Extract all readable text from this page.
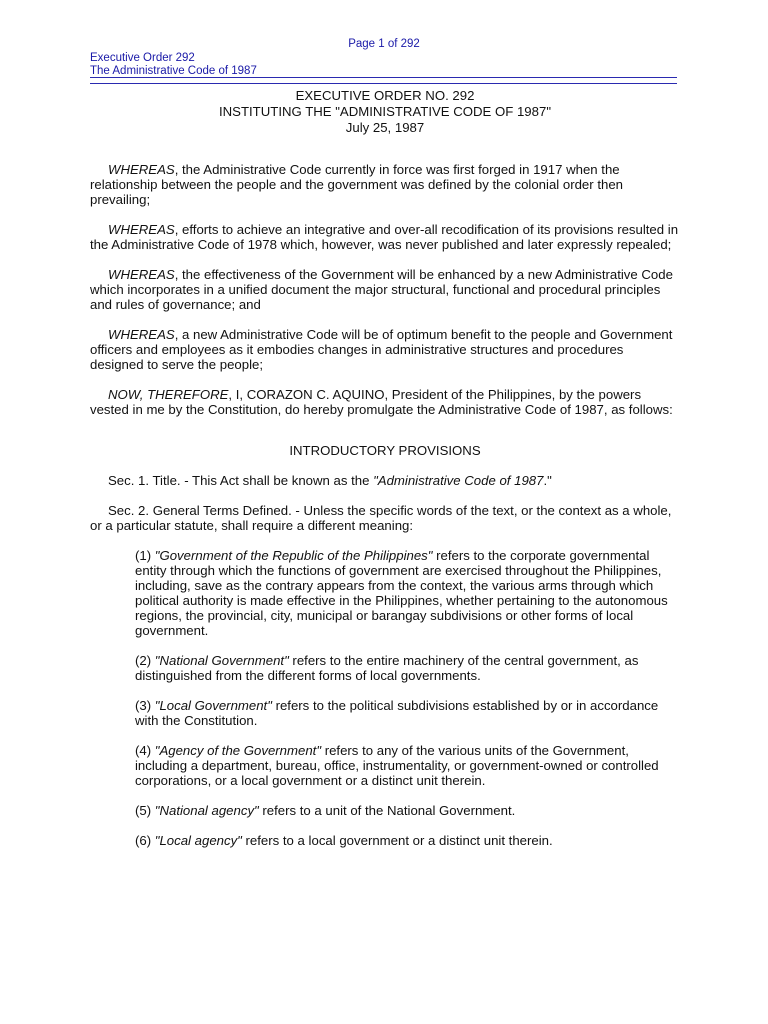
Page 1 of 292
Executive Order 292
The Administrative Code of 1987
EXECUTIVE ORDER NO. 292
INSTITUTING THE "ADMINISTRATIVE CODE OF 1987"
July 25, 1987

WHEREAS, the Administrative Code currently in force was first forged in 1917 when the relationship between the people and the government was defined by the colonial order then prevailing;

WHEREAS, efforts to achieve an integrative and over-all recodification of its provisions resulted in the Administrative Code of 1978 which, however, was never published and later expressly repealed;

WHEREAS, the effectiveness of the Government will be enhanced by a new Administrative Code which incorporates in a unified document the major structural, functional and procedural principles and rules of governance; and

WHEREAS, a new Administrative Code will be of optimum benefit to the people and Government officers and employees as it embodies changes in administrative structures and procedures designed to serve the people;

NOW, THEREFORE, I, CORAZON C. AQUINO, President of the Philippines, by the powers vested in me by the Constitution, do hereby promulgate the Administrative Code of 1987, as follows:

INTRODUCTORY PROVISIONS

Sec. 1. Title. - This Act shall be known as the "Administrative Code of 1987."

Sec. 2. General Terms Defined. - Unless the specific words of the text, or the context as a whole, or a particular statute, shall require a different meaning:

(1) "Government of the Republic of the Philippines" refers to the corporate governmental entity through which the functions of government are exercised throughout the Philippines, including, save as the contrary appears from the context, the various arms through which political authority is made effective in the Philippines, whether pertaining to the autonomous regions, the provincial, city, municipal or barangay subdivisions or other forms of local government.

(2) "National Government" refers to the entire machinery of the central government, as distinguished from the different forms of local governments.

(3) "Local Government" refers to the political subdivisions established by or in accordance with the Constitution.

(4) "Agency of the Government" refers to any of the various units of the Government, including a department, bureau, office, instrumentality, or government-owned or controlled corporations, or a local government or a distinct unit therein.

(5) "National agency" refers to a unit of the National Government.

(6) "Local agency" refers to a local government or a distinct unit therein.
